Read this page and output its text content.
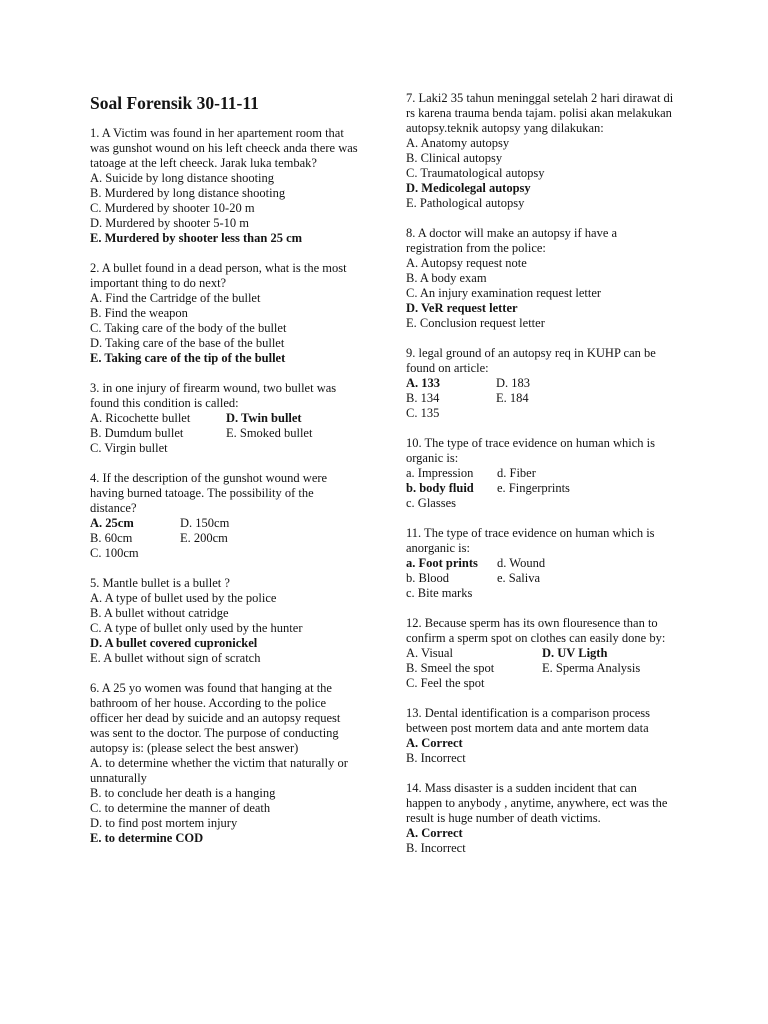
Soal Forensik 30-11-11
1. A Victim was found in her apartement room that
was gunshot wound on his left cheeck anda there was
tatoage at the left cheeck. Jarak luka tembak?
A. Suicide by long distance shooting
B. Murdered by long distance shooting
C. Murdered by shooter 10-20 m
D. Murdered by shooter 5-10 m
E. Murdered by shooter less than 25 cm
2. A bullet found in a dead person, what is the most
important thing to do next?
A. Find the Cartridge of the bullet
B. Find the weapon
C. Taking care of the body of the bullet
D. Taking care of the base of the bullet
E. Taking care of the tip of the bullet
3. in one injury of firearm wound, two bullet was
found this condition is called:
A. Ricochette bullet
B. Dumdum bullet
C. Virgin bullet
D. Twin bullet
E. Smoked bullet
4. If the description of the gunshot wound were
having burned tatoage. The possibility of the
distance?
A. 25cm
B. 60cm
C. 100cm
D. 150cm
E. 200cm
5. Mantle bullet is a bullet ?
A. A type of bullet used by the police
B. A bullet without catridge
C. A type of bullet only used by the hunter
D. A bullet covered cupronickel
E. A bullet without sign of scratch
6. A 25 yo women was found that hanging at the
bathroom of her house. According to the police
officer her dead by suicide and an autopsy request
was sent to the doctor. The purpose of conducting
autopsy is: (please select the best answer)
A. to determine whether the victim that naturally or unnaturally
B. to conclude her death is a hanging
C. to determine the manner of death
D. to find post mortem injury
E. to determine COD
7. Laki2 35 tahun meninggal setelah 2 hari dirawat di
rs karena trauma benda tajam. polisi akan melakukan
autopsy.teknik autopsy yang dilakukan:
A. Anatomy autopsy
B. Clinical autopsy
C. Traumatological autopsy
D. Medicolegal autopsy
E. Pathological autopsy
8. A doctor will make an autopsy if have a
registration from the police:
A. Autopsy request note
B. A body exam
C. An injury examination request letter
D. VeR request letter
E. Conclusion request letter
9. legal ground of an autopsy req in KUHP can be
found on article:
A. 133
B. 134
C. 135
D. 183
E. 184
10. The type of trace evidence on human which is
organic is:
a. Impression
b. body fluid
c. Glasses
d. Fiber
e. Fingerprints
11. The type of trace evidence on human which is
anorganic is:
a. Foot prints
b. Blood
c. Bite marks
d. Wound
e. Saliva
12. Because sperm has its own flouresence than to
confirm a sperm spot on clothes can easily done by:
A. Visual
B. Smeel the spot
C. Feel the spot
D. UV Ligth
E. Sperma Analysis
13. Dental identification is a comparison process
between post mortem data and ante mortem data
A. Correct
B. Incorrect
14. Mass disaster is a sudden incident that can
happen to anybody , anytime, anywhere, ect was the
result is huge number of death victims.
A. Correct
B. Incorrect
